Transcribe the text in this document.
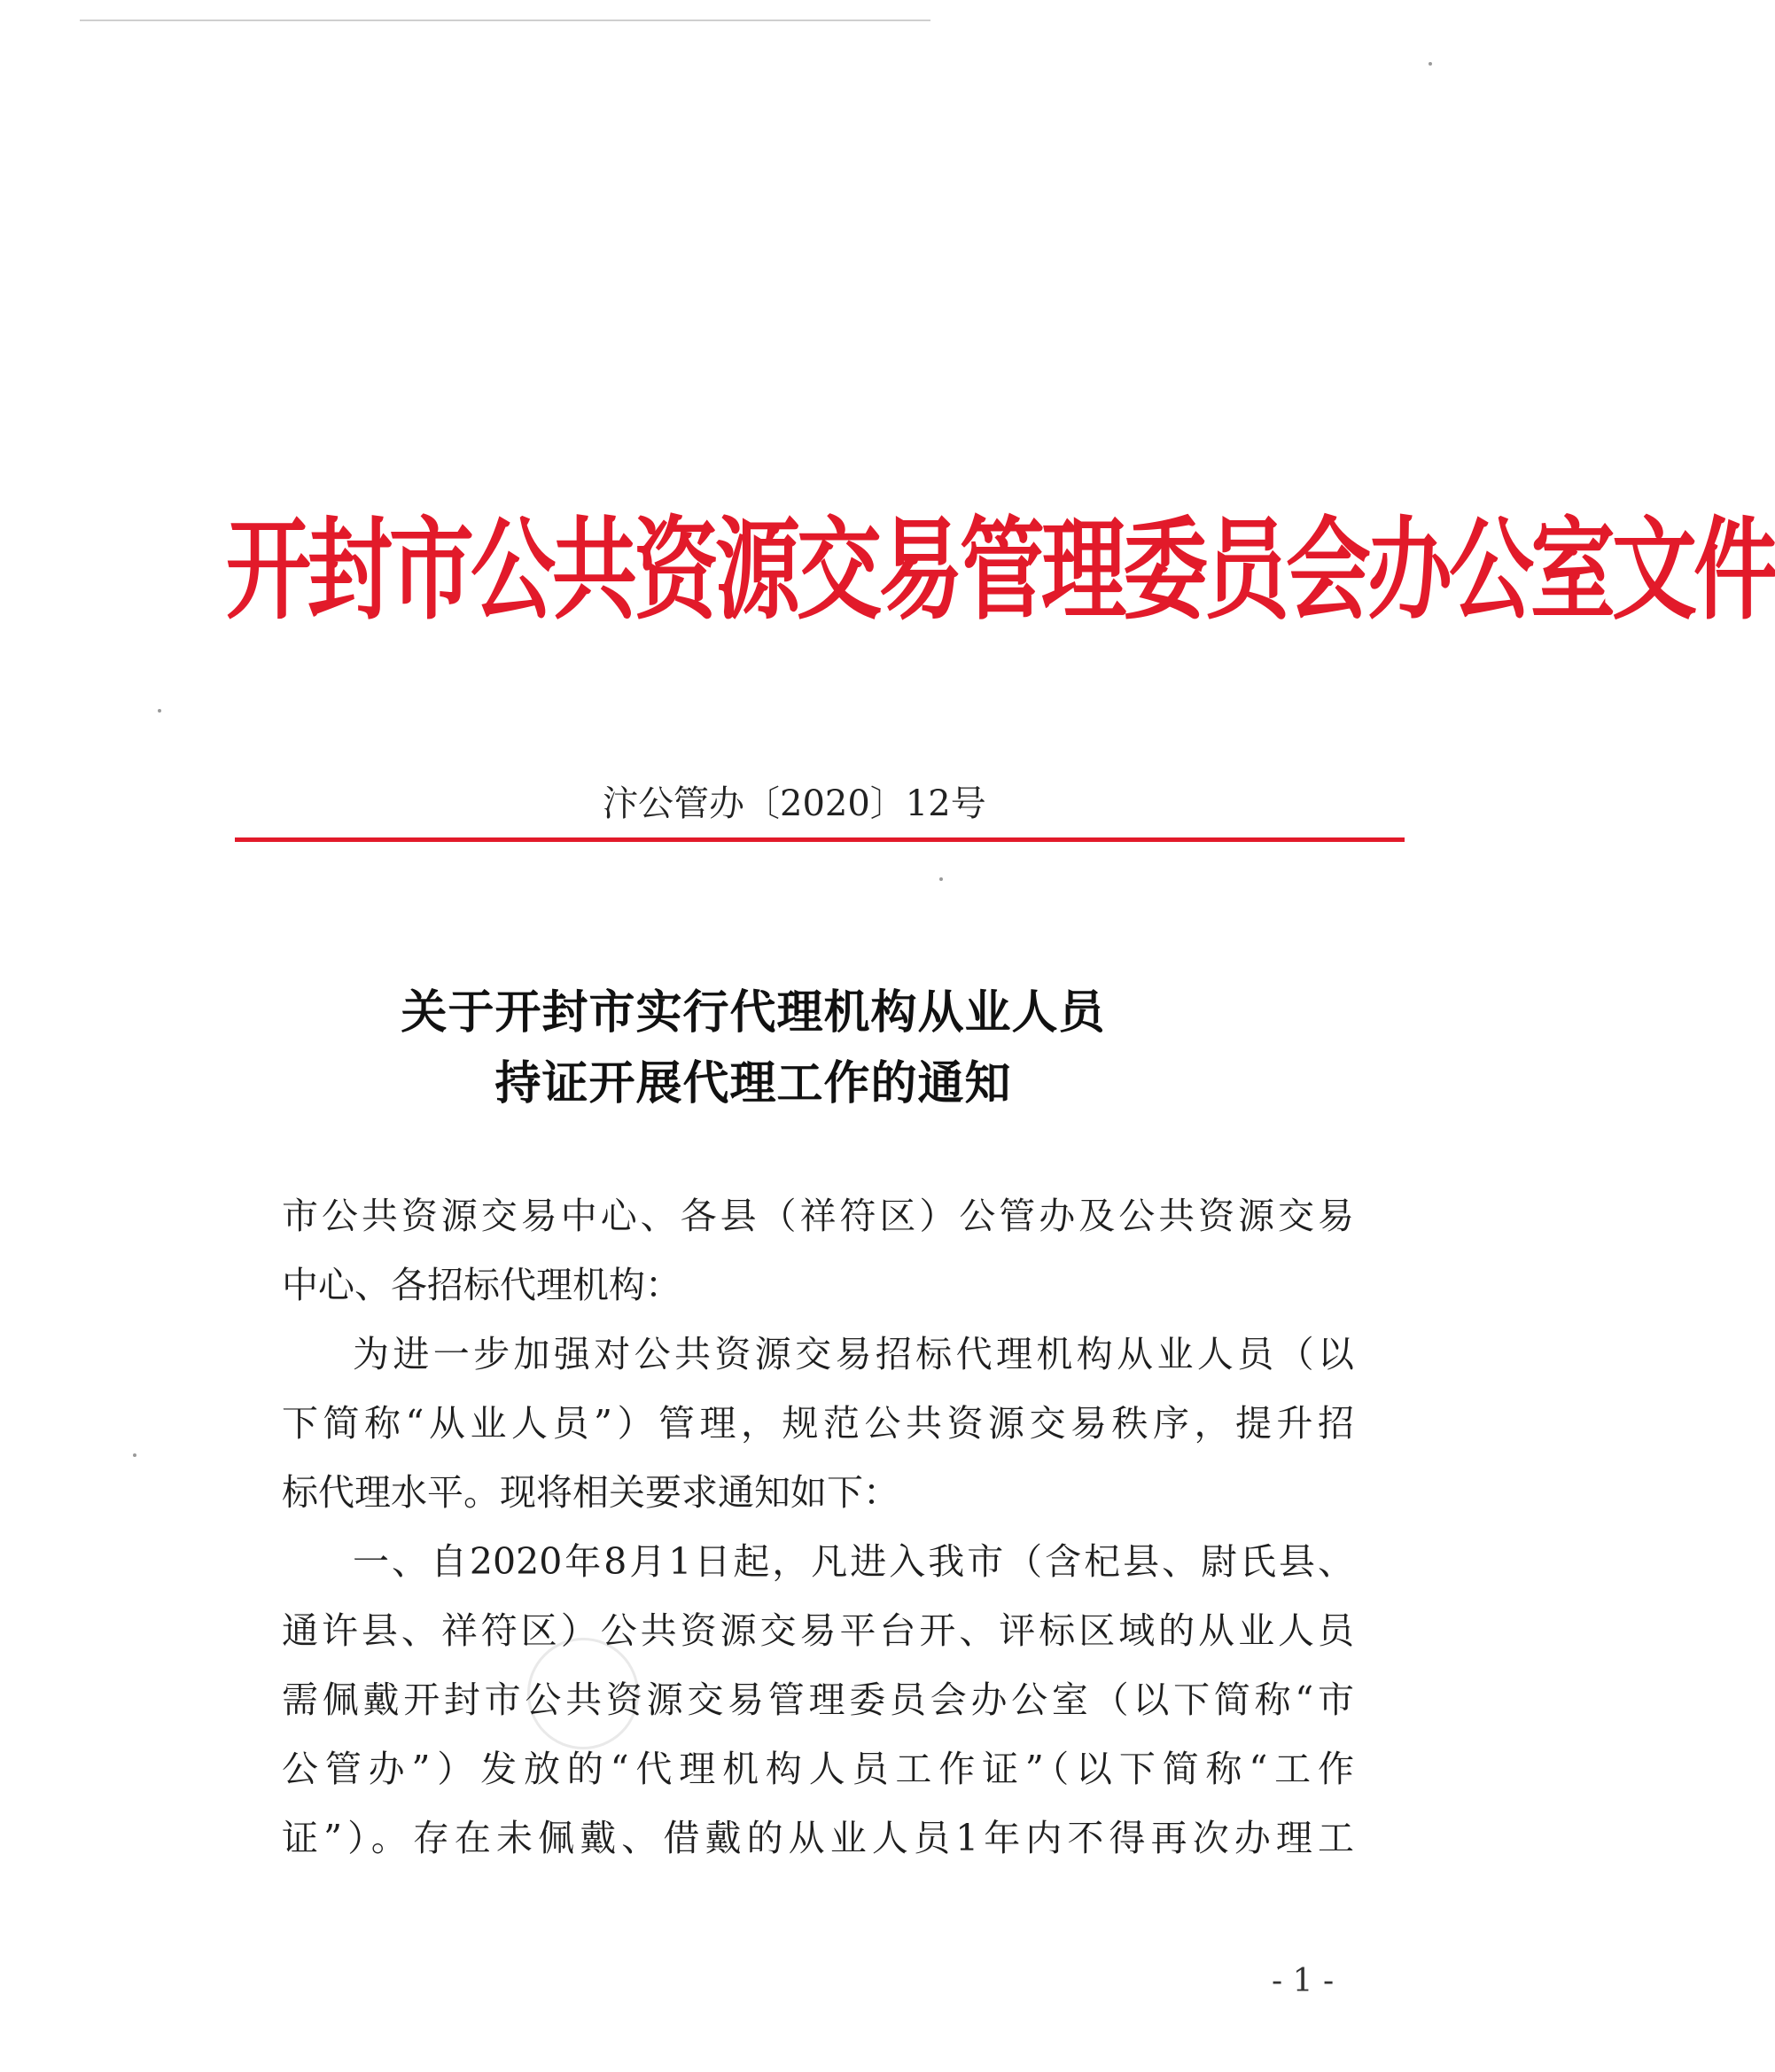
开封市公共资源交易管理委员会办公室文件
汴公管办〔2020〕12号
关于开封市实行代理机构从业人员
持证开展代理工作的通知
市公共资源交易中心、各县（祥符区）公管办及公共资源交易
中心、各招标代理机构：
为进一步加强对公共资源交易招标代理机构从业人员（以
下简称“从业人员”）管理，规范公共资源交易秩序，提升招
标代理水平。现将相关要求通知如下：
一、自2020年8月1日起，凡进入我市（含杞县、尉氏县、
通许县、祥符区）公共资源交易平台开、评标区域的从业人员
需佩戴开封市公共资源交易管理委员会办公室（以下简称“市
公管办”）发放的“代理机构人员工作证”（以下简称“工作
证”）。存在未佩戴、借戴的从业人员1年内不得再次办理工
- 1 -
